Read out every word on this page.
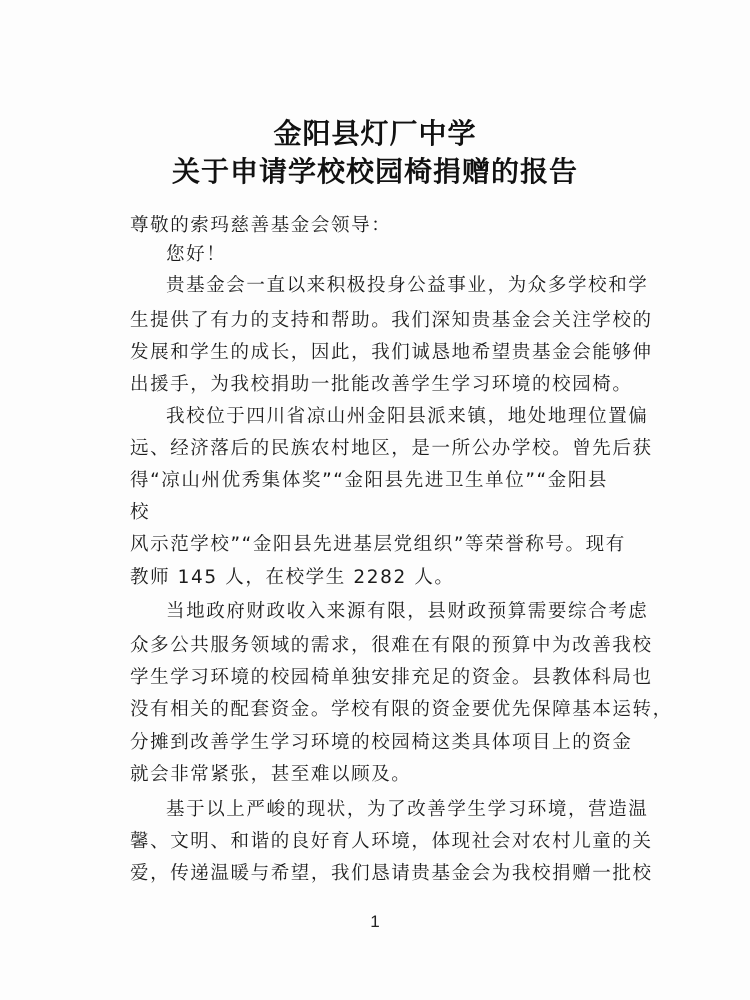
金阳县灯厂中学
关于申请学校校园椅捐赠的报告
尊敬的索玛慈善基金会领导：
您好！
贵基金会一直以来积极投身公益事业，为众多学校和学
生提供了有力的支持和帮助。我们深知贵基金会关注学校的
发展和学生的成长，因此，我们诚恳地希望贵基金会能够伸
出援手，为我校捐助一批能改善学生学习环境的校园椅。
我校位于四川省凉山州金阳县派来镇，地处地理位置偏
远、经济落后的民族农村地区，是一所公办学校。曾先后获
得“凉山州优秀集体奖”“金阳县先进卫生单位”“金阳县
校
风示范学校”“金阳县先进基层党组织”等荣誉称号。现有
教师 145 人，在校学生 2282 人。
当地政府财政收入来源有限，县财政预算需要综合考虑
众多公共服务领域的需求，很难在有限的预算中为改善我校
学生学习环境的校园椅单独安排充足的资金。县教体科局也
没有相关的配套资金。学校有限的资金要优先保障基本运转，
分摊到改善学生学习环境的校园椅这类具体项目上的资金
就会非常紧张，甚至难以顾及。
基于以上严峻的现状，为了改善学生学习环境，营造温
馨、文明、和谐的良好育人环境，体现社会对农村儿童的关
爱，传递温暖与希望，我们恳请贵基金会为我校捐赠一批校
1
